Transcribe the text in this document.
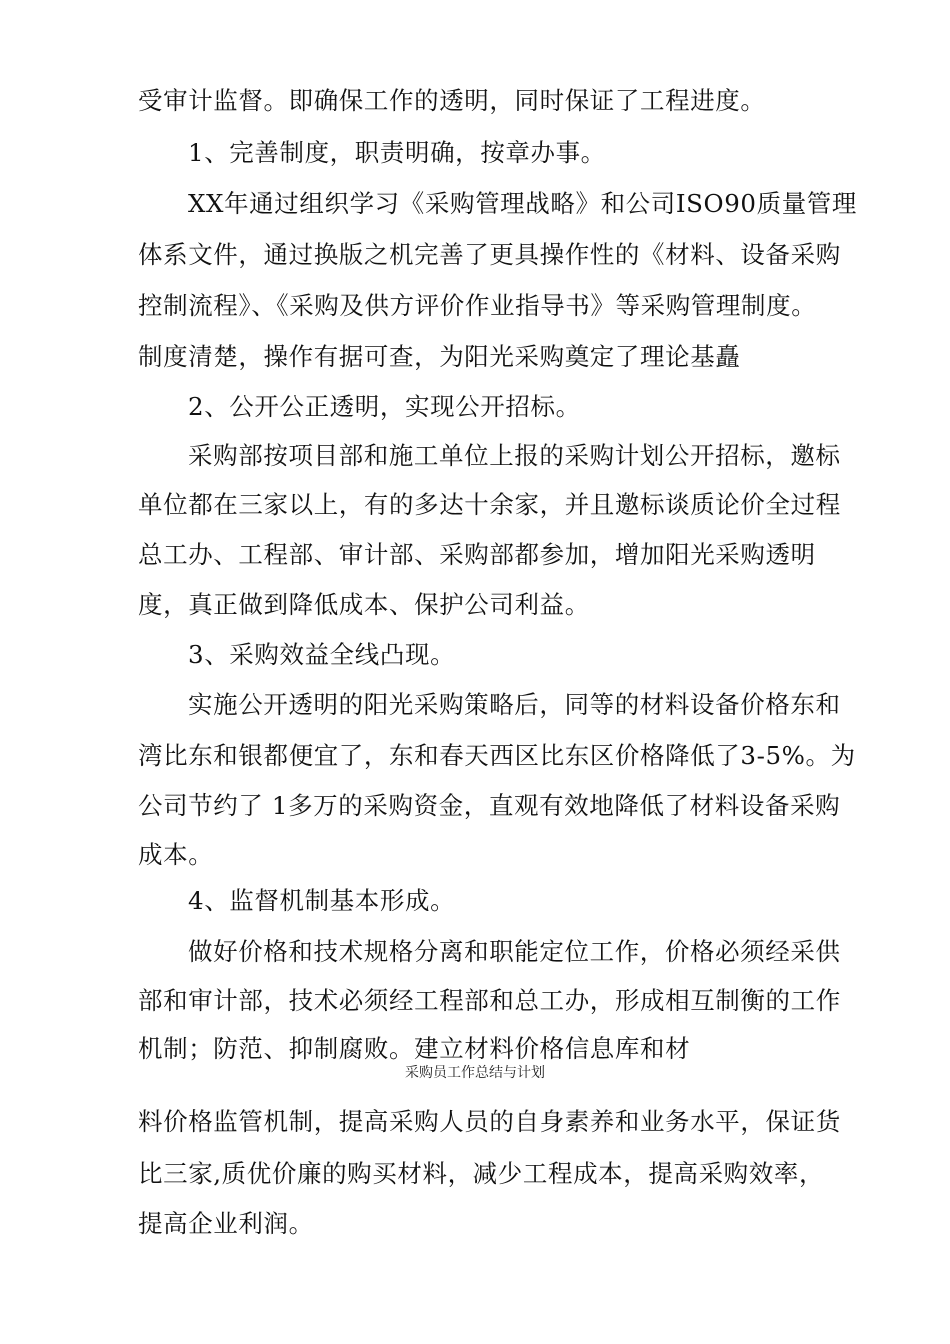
受审计监督。即确保工作的透明，同时保证了工程进度。
1、完善制度，职责明确，按章办事。
XX年通过组织学习《采购管理战略》和公司ISO90质量管理
体系文件，通过换版之机完善了更具操作性的《材料、设备采购
控制流程》、《采购及供方评价作业指导书》等采购管理制度。
制度清楚，操作有据可查，为阳光采购奠定了理论基矗
2、公开公正透明，实现公开招标。
采购部按项目部和施工单位上报的采购计划公开招标，邀标
单位都在三家以上，有的多达十余家，并且邀标谈质论价全过程
总工办、工程部、审计部、采购部都参加，增加阳光采购透明
度，真正做到降低成本、保护公司利益。
3、采购效益全线凸现。
实施公开透明的阳光采购策略后，同等的材料设备价格东和
湾比东和银都便宜了，东和春天西区比东区价格降低了3-5%。为
公司节约了 1多万的采购资金，直观有效地降低了材料设备采购
成本。
4、监督机制基本形成。
做好价格和技术规格分离和职能定位工作，价格必须经采供
部和审计部，技术必须经工程部和总工办，形成相互制衡的工作
机制；防范、抑制腐败。建立材料价格信息库和材
采购员工作总结与计划
料价格监管机制，提高采购人员的自身素养和业务水平，保证货
比三家,质优价廉的购买材料，减少工程成本，提高采购效率，
提高企业利润。
